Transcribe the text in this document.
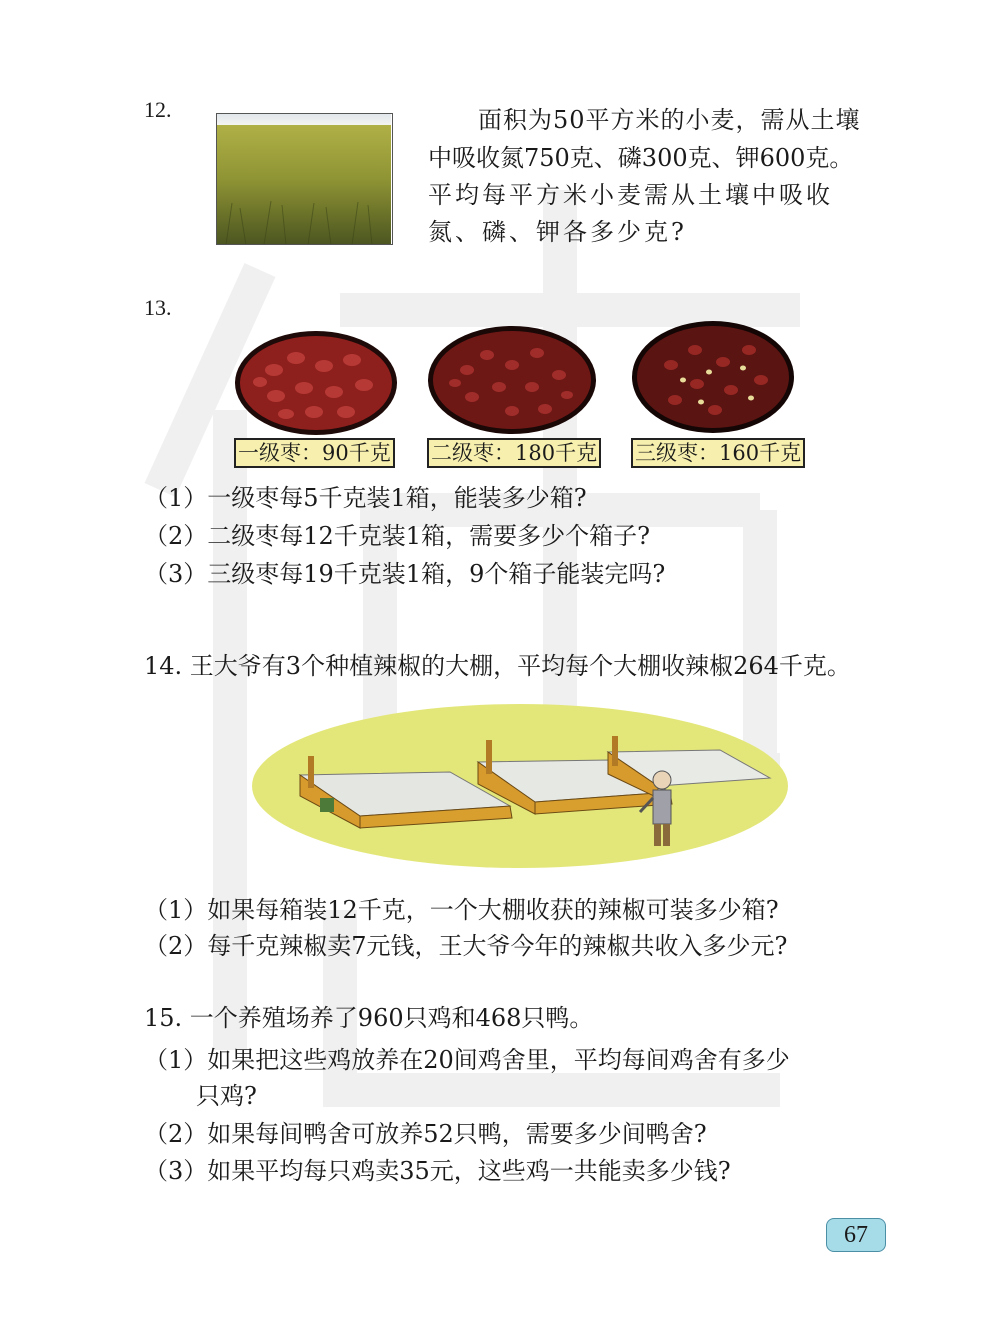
12.	面积为50平方米的小麦，需从土壤
中吸收氮750克、磷300克、钾600克。
平均每平方米小麦需从土壤中吸收
氮、磷、钾各多少克?
13.
一级枣：90千克 二级枣：180千克 三级枣：160千克
（1）一级枣每5千克装1箱，能装多少箱?
（2）二级枣每12千克装1箱，需要多少个箱子?
（3）三级枣每19千克装1箱，9个箱子能装完吗?
14. 王大爷有3个种植辣椒的大棚，平均每个大棚收辣椒264千克。
（1）如果每箱装12千克，一个大棚收获的辣椒可装多少箱?
（2）每千克辣椒卖7元钱，王大爷今年的辣椒共收入多少元?
15. 一个养殖场养了960只鸡和468只鸭。
（1）如果把这些鸡放养在20间鸡舍里，平均每间鸡舍有多少
只鸡?
（2）如果每间鸭舍可放养52只鸭，需要多少间鸭舍?
（3）如果平均每只鸡卖35元，这些鸡一共能卖多少钱?
67
